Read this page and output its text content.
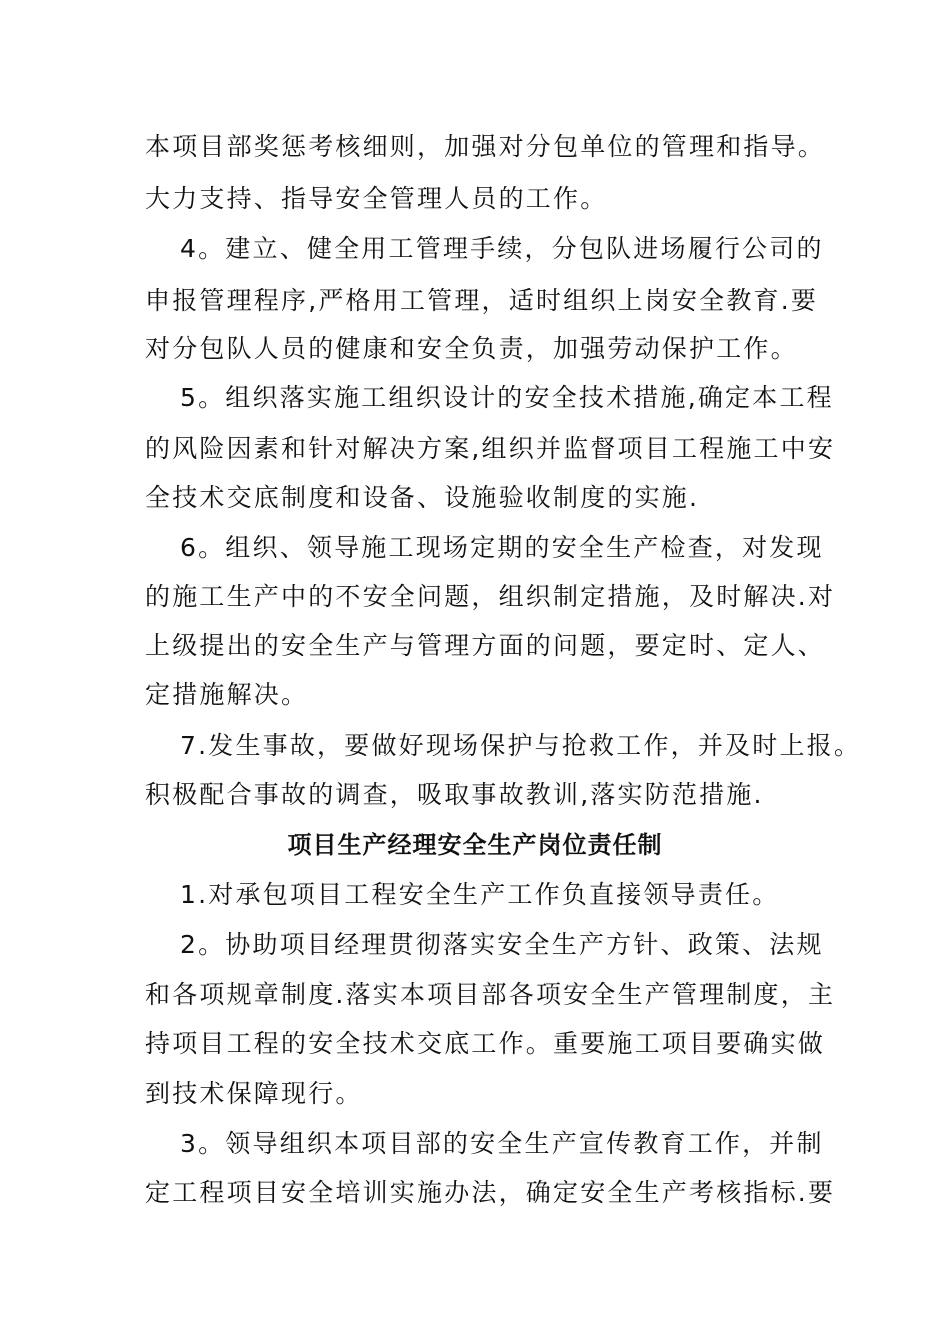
本项目部奖惩考核细则，加强对分包单位的管理和指导。
大力支持、指导安全管理人员的工作。
4。建立、健全用工管理手续，分包队进场履行公司的
申报管理程序,严格用工管理，适时组织上岗安全教育.要
对分包队人员的健康和安全负责，加强劳动保护工作。
5。组织落实施工组织设计的安全技术措施,确定本工程
的风险因素和针对解决方案,组织并监督项目工程施工中安
全技术交底制度和设备、设施验收制度的实施.
6。组织、领导施工现场定期的安全生产检查，对发现
的施工生产中的不安全问题，组织制定措施，及时解决.对
上级提出的安全生产与管理方面的问题，要定时、定人、
定措施解决。
7.发生事故，要做好现场保护与抢救工作，并及时上报。
积极配合事故的调查，吸取事故教训,落实防范措施.
项目生产经理安全生产岗位责任制
1.对承包项目工程安全生产工作负直接领导责任。
2。协助项目经理贯彻落实安全生产方针、政策、法规
和各项规章制度.落实本项目部各项安全生产管理制度，主
持项目工程的安全技术交底工作。重要施工项目要确实做
到技术保障现行。
3。领导组织本项目部的安全生产宣传教育工作，并制
定工程项目安全培训实施办法，确定安全生产考核指标.要
